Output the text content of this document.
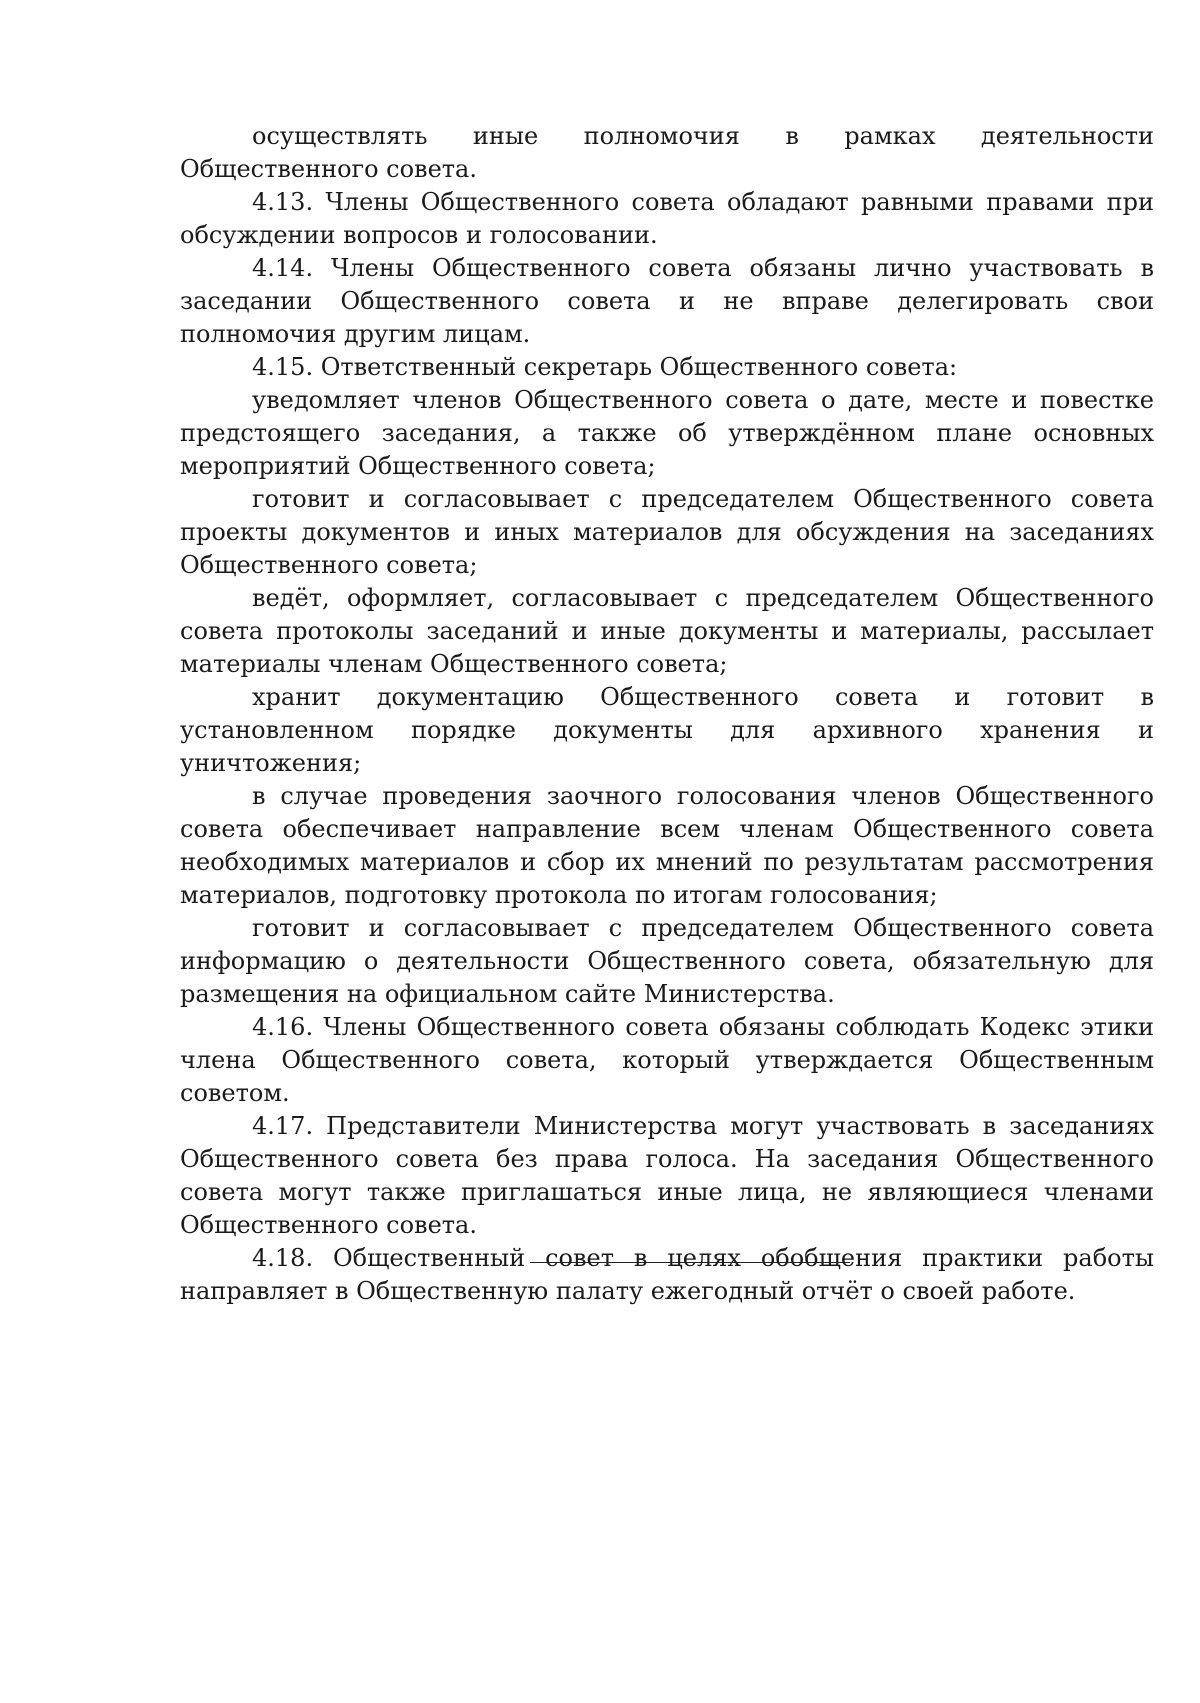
осуществлять иные полномочия в рамках деятельности Общественного совета.

4.13. Члены Общественного совета обладают равными правами при обсуждении вопросов и голосовании.

4.14. Члены Общественного совета обязаны лично участвовать в заседании Общественного совета и не вправе делегировать свои полномочия другим лицам.

4.15. Ответственный секретарь Общественного совета:

уведомляет членов Общественного совета о дате, месте и повестке предстоящего заседания, а также об утверждённом плане основных мероприятий Общественного совета;

готовит и согласовывает с председателем Общественного совета проекты документов и иных материалов для обсуждения на заседаниях Общественного совета;

ведёт, оформляет, согласовывает с председателем Общественного совета протоколы заседаний и иные документы и материалы, рассылает материалы членам Общественного совета;

хранит документацию Общественного совета и готовит в установленном порядке документы для архивного хранения и уничтожения;

в случае проведения заочного голосования членов Общественного совета обеспечивает направление всем членам Общественного совета необходимых материалов и сбор их мнений по результатам рассмотрения материалов, подготовку протокола по итогам голосования;

готовит и согласовывает с председателем Общественного совета информацию о деятельности Общественного совета, обязательную для размещения на официальном сайте Министерства.

4.16. Члены Общественного совета обязаны соблюдать Кодекс этики члена Общественного совета, который утверждается Общественным советом.

4.17. Представители Министерства могут участвовать в заседаниях Общественного совета без права голоса. На заседания Общественного совета могут также приглашаться иные лица, не являющиеся членами Общественного совета.

4.18. Общественный совет в целях обобщения практики работы направляет в Общественную палату ежегодный отчёт о своей работе.
